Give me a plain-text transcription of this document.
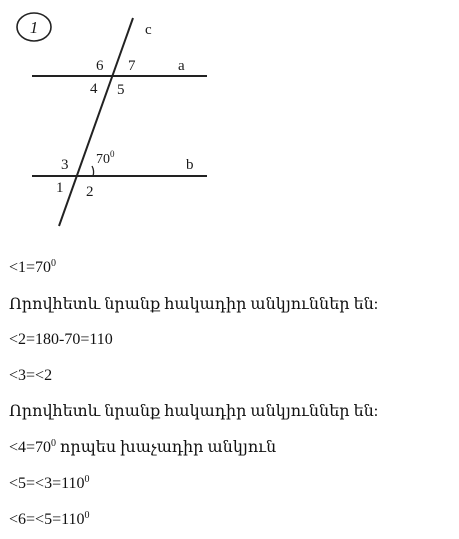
1	c
a
b
6 7
4 5
3 $70^0$
1 2
$<1=70^0$
Որովհետև նրանք հակադիր անկյուններ են:
<2=180-70=110
<3=<2
Որովհետև նրանք հակադիր անկյուններ են:
$<4=70^0$ որպես խաչադիր անկյուն
$<5=<3=110^0$
$<6=<5=110^0$
